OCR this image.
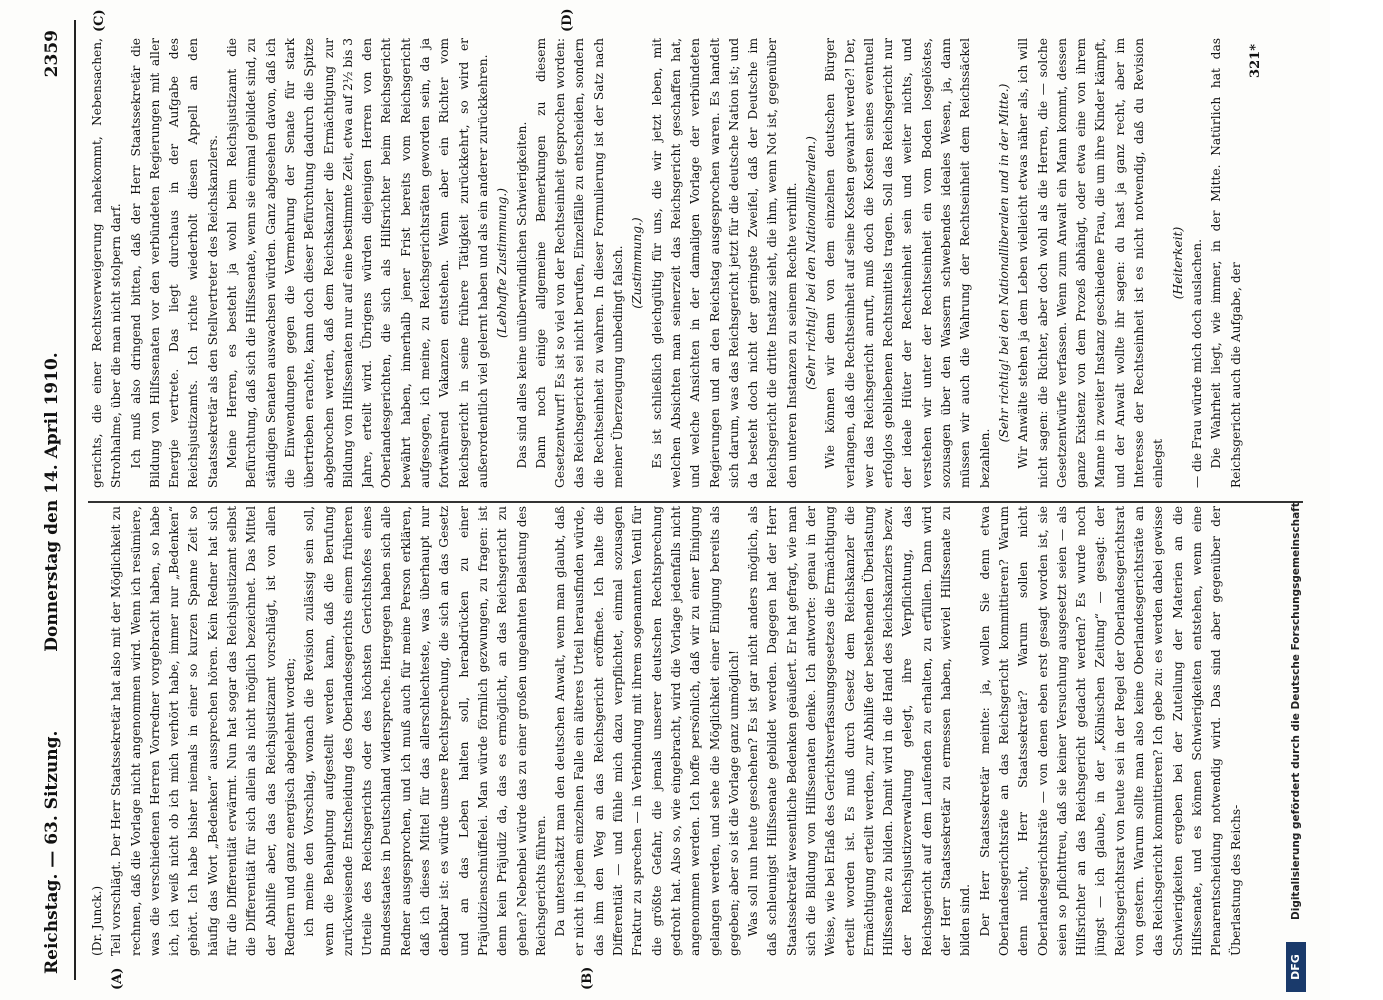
Reichstag. — 63. Sitzung.
Donnerstag den 14. April 1910.
2359
(A)	(B)
(C)	(D)

(Dr. Junck.) Teil vorschlägt. Der Herr Staatssekretär hat also mit der Möglichkeit zu rechnen, daß die Vorlage nicht angenommen wird. Wenn ich resümiere, was die verschiedenen Herren Vorredner vorgebracht haben, so habe ich, ich weiß nicht ob ich mich verhört habe, immer nur „Bedenken“ gehört. Ich habe bisher niemals in einer so kurzen Spanne Zeit so häufig das Wort „Bedenken“ aussprechen hören. Kein Redner hat sich für die Differentiät erwärmt. Nun hat sogar das Reichsjustizamt selbst die Differentiät für sich allein als nicht möglich bezeichnet. Das Mittel der Abhilfe aber, das das Reichsjustizamt vorschlägt, ist von allen Rednern und ganz energisch abgelehnt worden; ich meine den Vorschlag, wonach die Revision zulässig sein soll, wenn die Behauptung aufgestellt werden kann, daß die Berufung zurückweisende Entscheidung des Oberlandesgerichts einem früheren Urteile des Reichsgerichts oder des höchsten Gerichtshofes eines Bundesstaates in Deutschland widerspreche. Hiergegen haben sich alle Redner ausgesprochen, und ich muß auch für meine Person erklären, daß ich dieses Mittel für das allerschlechteste, was überhaupt nur denkbar ist: es würde unsere Rechtsprechung, die sich an das Gesetz und an das Leben halten soll, herabdrücken zu einer Präjudizienschnüffelei. Man würde förmlich gezwungen, zu fragen: ist denn kein Präjudiz da, das es ermöglicht, an das Reichsgericht zu gehen? Nebenbei würde das zu einer großen ungeahnten Belastung des Reichsgerichts führen. Da unterschätzt man den deutschen Anwalt, wenn man glaubt, daß er nicht in jedem einzelnen Falle ein älteres Urteil herausfinden würde, das ihm den Weg an das Reichsgericht eröffnete. Ich halte die Differentiät — und fühle mich dazu verpflichtet, einmal sozusagen Fraktur zu sprechen — in Verbindung mit ihrem sogenannten Ventil für die größte Gefahr, die jemals unserer deutschen Rechtsprechung gedroht hat. Also so, wie eingebracht, wird die Vorlage jedenfalls nicht angenommen werden. Ich hoffe persönlich, daß wir zu einer Einigung gelangen werden, und sehe die Möglichkeit einer Einigung bereits als gegeben; aber so ist die Vorlage ganz unmöglich! Was soll nun heute geschehen? Es ist gar nicht anders möglich, als daß schleunigst Hilfssenate gebildet werden. Dagegen hat der Herr Staatssekretär wesentliche Bedenken geäußert. Er hat gefragt, wie man sich die Bildung von Hilfssenaten denke. Ich antworte: genau in der Weise, wie bei Erlaß des Gerichtsverfassungsgesetzes die Ermächtigung erteilt worden ist. Es muß durch Gesetz dem Reichskanzler die Ermächtigung erteilt werden, zur Abhilfe der bestehenden Überlastung Hilfssenate zu bilden. Damit wird in die Hand des Reichskanzlers bezw. der Reichsjustizverwaltung gelegt, ihre Verpflichtung, das Reichsgericht auf dem Laufenden zu erhalten, zu erfüllen. Dann wird der Herr Staatssekretär zu ermessen haben, wieviel Hilfssenate zu bilden sind. Der Herr Staatssekretär meinte: ja, wollen Sie denn etwa Oberlandesgerichtsräte an das Reichsgericht kommittieren? Warum denn nicht, Herr Staatssekretär? Warum sollen nicht Oberlandesgerichtsräte — von denen eben erst gesagt worden ist, sie seien so pflichttreu, daß sie keiner Versuchung ausgesetzt seien — als Hilfsrichter an das Reichsgericht gedacht werden? Es wurde noch jüngst — ich glaube, in der „Kölnischen Zeitung“ — gesagt: der Reichsgerichtsrat von heute sei in der Regel der Oberlandesgerichtsrat von gestern. Warum sollte man also keine Oberlandesgerichtsräte an das Reichsgericht kommittieren? Ich gebe zu: es werden dabei gewisse Schwierigkeiten ergeben bei der Zuteilung der Materien an die Hilfssenate, und es können Schwierigkeiten entstehen, wenn eine Plenarentscheidung notwendig wird. Das sind aber gegenüber der Überlastung des Reichs-

gerichts, die einer Rechtsverweigerung nahekommt, Nebensachen, Strohhalme, über die man nicht stolpern darf. Ich muß also dringend bitten, daß der Herr Staatssekretär die Bildung von Hilfssenaten vor den verbündeten Regierungen mit aller Energie vertrete. Das liegt durchaus in der Aufgabe des Reichsjustizamts. Ich richte wiederholt diesen Appell an den Staatssekretär als den Stellvertreter des Reichskanzlers. Meine Herren, es besteht ja wohl beim Reichsjustizamt die Befürchtung, daß sich die Hilfssenate, wenn sie einmal gebildet sind, zu ständigen Senaten auswachsen würden. Ganz abgesehen davon, daß ich die Einwendungen gegen die Vermehrung der Senate für stark übertrieben erachte, kann doch dieser Befürchtung dadurch die Spitze abgebrochen werden, daß dem Reichskanzler die Ermächtigung zur Bildung von Hilfssenaten nur auf eine bestimmte Zeit, etwa auf 2½ bis 3 Jahre, erteilt wird. Übrigens würden diejenigen Herren von den Oberlandesgerichten, die sich als Hilfsrichter beim Reichsgericht bewährt haben, innerhalb jener Frist bereits vom Reichsgericht aufgesogen, ich meine, zu Reichsgerichtsräten geworden sein, da ja fortwährend Vakanzen entstehen. Wenn aber ein Richter vom Reichsgericht in seine frühere Tätigkeit zurückkehrt, so wird er außerordentlich viel gelernt haben und als ein anderer zurückkehren. (Lebhafte Zustimmung.) Das sind alles keine unüberwindlichen Schwierigkeiten. Dann noch einige allgemeine Bemerkungen zu diesem Gesetzentwurf! Es ist so viel von der Rechtseinheit gesprochen worden: das Reichsgericht sei nicht berufen, Einzelfälle zu entscheiden, sondern die Rechtseinheit zu wahren. In dieser Formulierung ist der Satz nach meiner Überzeugung unbedingt falsch. (Zustimmung.) Es ist schließlich gleichgültig für uns, die wir jetzt leben, mit welchen Absichten man seinerzeit das Reichsgericht geschaffen hat, und welche Ansichten in der damaligen Vorlage der verbündeten Regierungen und an den Reichstag ausgesprochen waren. Es handelt sich darum, was das Reichsgericht jetzt für die deutsche Nation ist; und da besteht doch nicht der geringste Zweifel, daß der Deutsche im Reichsgericht die dritte Instanz sieht, die ihm, wenn Not ist, gegenüber den unteren Instanzen zu seinem Rechte verhilft. (Sehr richtig! bei den Nationalliberalen.) Wie können wir denn von dem einzelnen deutschen Bürger verlangen, daß die Rechtseinheit auf seine Kosten gewahrt werde?! Der, wer das Reichsgericht anruft, muß doch die Kosten seines eventuell erfolglos gebliebenen Rechtsmittels tragen. Soll das Reichsgericht nur der ideale Hüter der Rechtseinheit sein und weiter nichts, und verstehen wir unter der Rechtseinheit ein vom Boden losgelöstes, sozusagen über den Wassern schwebendes ideales Wesen, ja, dann müssen wir auch die Wahrung der Rechtseinheit dem Reichssäckel bezahlen.

(Sehr richtig! bei den Nationalliberalen und in der Mitte.) Wir Anwälte stehen ja dem Leben vielleicht etwas näher als, ich will nicht sagen: die Richter, aber doch wohl als die Herren, die — solche Gesetzentwürfe verfassen. Wenn zum Anwalt ein Mann kommt, dessen ganze Existenz von dem Prozeß abhängt, oder etwa eine von ihrem Manne in zweiter Instanz geschiedene Frau, die um ihre Kinder kämpft, und der Anwalt wollte ihr sagen: du hast ja ganz recht, aber im Interesse der Rechtseinheit ist es nicht notwendig, daß du Revision einlegst

(Heiterkeit) — die Frau würde mich doch auslachen. Die Wahrheit liegt, wie immer, in der Mitte. Natürlich hat das Reichsgericht auch die Aufgabe, der

321*
DFG
Digitalisierung gefördert durch die Deutsche Forschungsgemeinschaft
